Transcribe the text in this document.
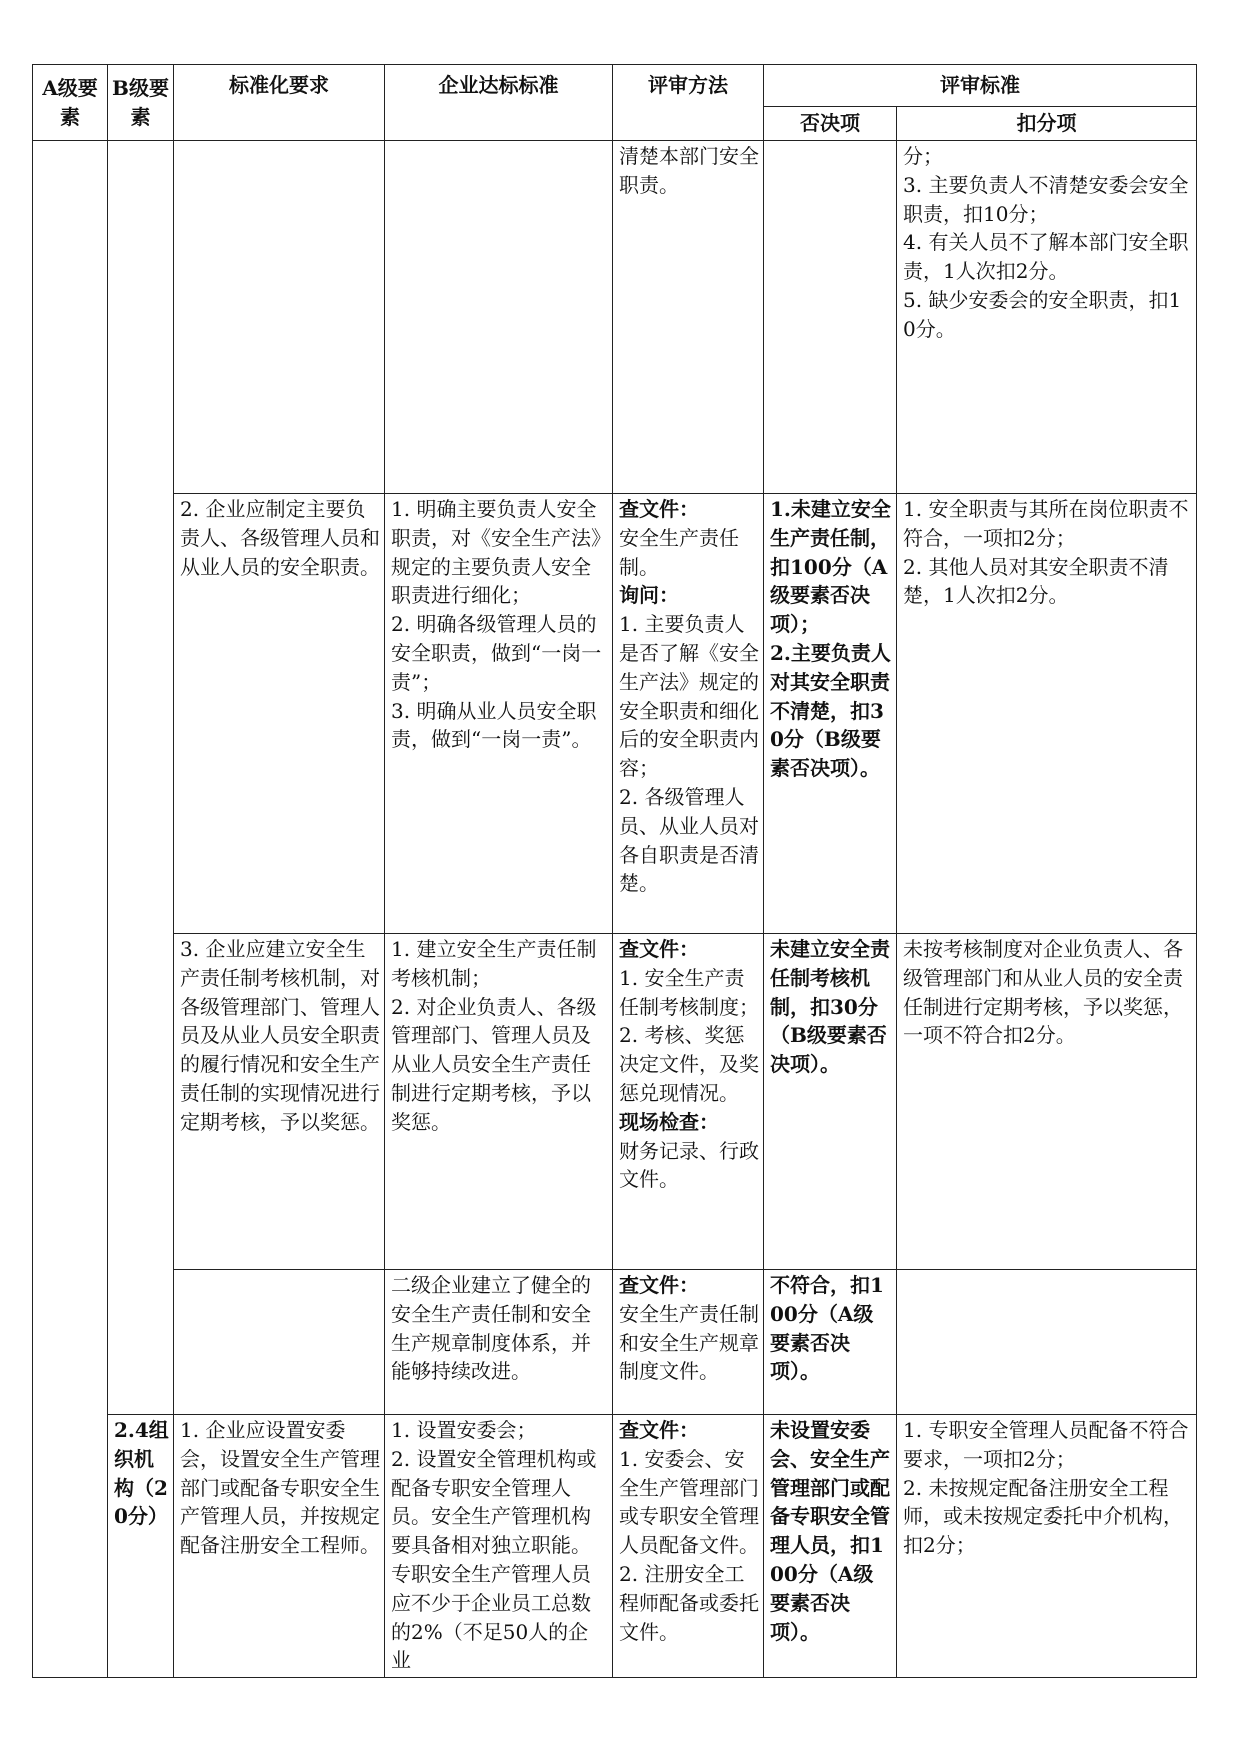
A级要素	B级要素	标准化要求	企业达标标准	评审方法	评审标准	
					否决项	扣分项

				清楚本部门安全职责。		分；
3. 主要负责人不清楚安委会安全职责，扣10分；
4. 有关人员不了解本部门安全职责，1人次扣2分。
5. 缺少安委会的安全职责，扣10分。

		2. 企业应制定主要负责人、各级管理人员和从业人员的安全职责。	1. 明确主要负责人安全职责，对《安全生产法》规定的主要负责人安全职责进行细化；
2. 明确各级管理人员的安全职责，做到“一岗一责”；
3. 明确从业人员安全职责，做到“一岗一责”。	查文件：
安全生产责任制。
询问：
1. 主要负责人是否了解《安全生产法》规定的安全职责和细化后的安全职责内容；
2. 各级管理人员、从业人员对各自职责是否清楚。	1.未建立安全生产责任制，扣100分（A级要素否决项）；
2.主要负责人对其安全职责不清楚，扣30分（B级要素否决项）。	1. 安全职责与其所在岗位职责不符合，一项扣2分；
2. 其他人员对其安全职责不清楚，1人次扣2分。

		3. 企业应建立安全生产责任制考核机制，对各级管理部门、管理人员及从业人员安全职责的履行情况和安全生产责任制的实现情况进行定期考核，予以奖惩。	1. 建立安全生产责任制考核机制；
2. 对企业负责人、各级管理部门、管理人员及从业人员安全生产责任制进行定期考核，予以奖惩。	查文件：
1. 安全生产责任制考核制度；
2. 考核、奖惩决定文件，及奖惩兑现情况。
现场检查：
财务记录、行政文件。	未建立安全责任制考核机制，扣30分（B级要素否决项）。	未按考核制度对企业负责人、各级管理部门和从业人员的安全责任制进行定期考核，予以奖惩，一项不符合扣2分。
			二级企业建立了健全的安全生产责任制和安全生产规章制度体系，并能够持续改进。	查文件：
安全生产责任制和安全生产规章制度文件。	不符合，扣100分（A级要素否决项）。	
	2.4组织机构（20分）	1. 企业应设置安委会，设置安全生产管理部门或配备专职安全生产管理人员，并按规定配备注册安全工程师。	1. 设置安委会；
2. 设置安全管理机构或配备专职安全管理人员。安全生产管理机构要具备相对独立职能。专职安全生产管理人员应不少于企业员工总数的2%（不足50人的企业	查文件：
1. 安委会、安全生产管理部门或专职安全管理人员配备文件。
2. 注册安全工程师配备或委托文件。	未设置安委会、安全生产管理部门或配备专职安全管理人员，扣100分（A级要素否决项）。	1. 专职安全管理人员配备不符合要求，一项扣2分；
2. 未按规定配备注册安全工程师，或未按规定委托中介机构，扣2分；
